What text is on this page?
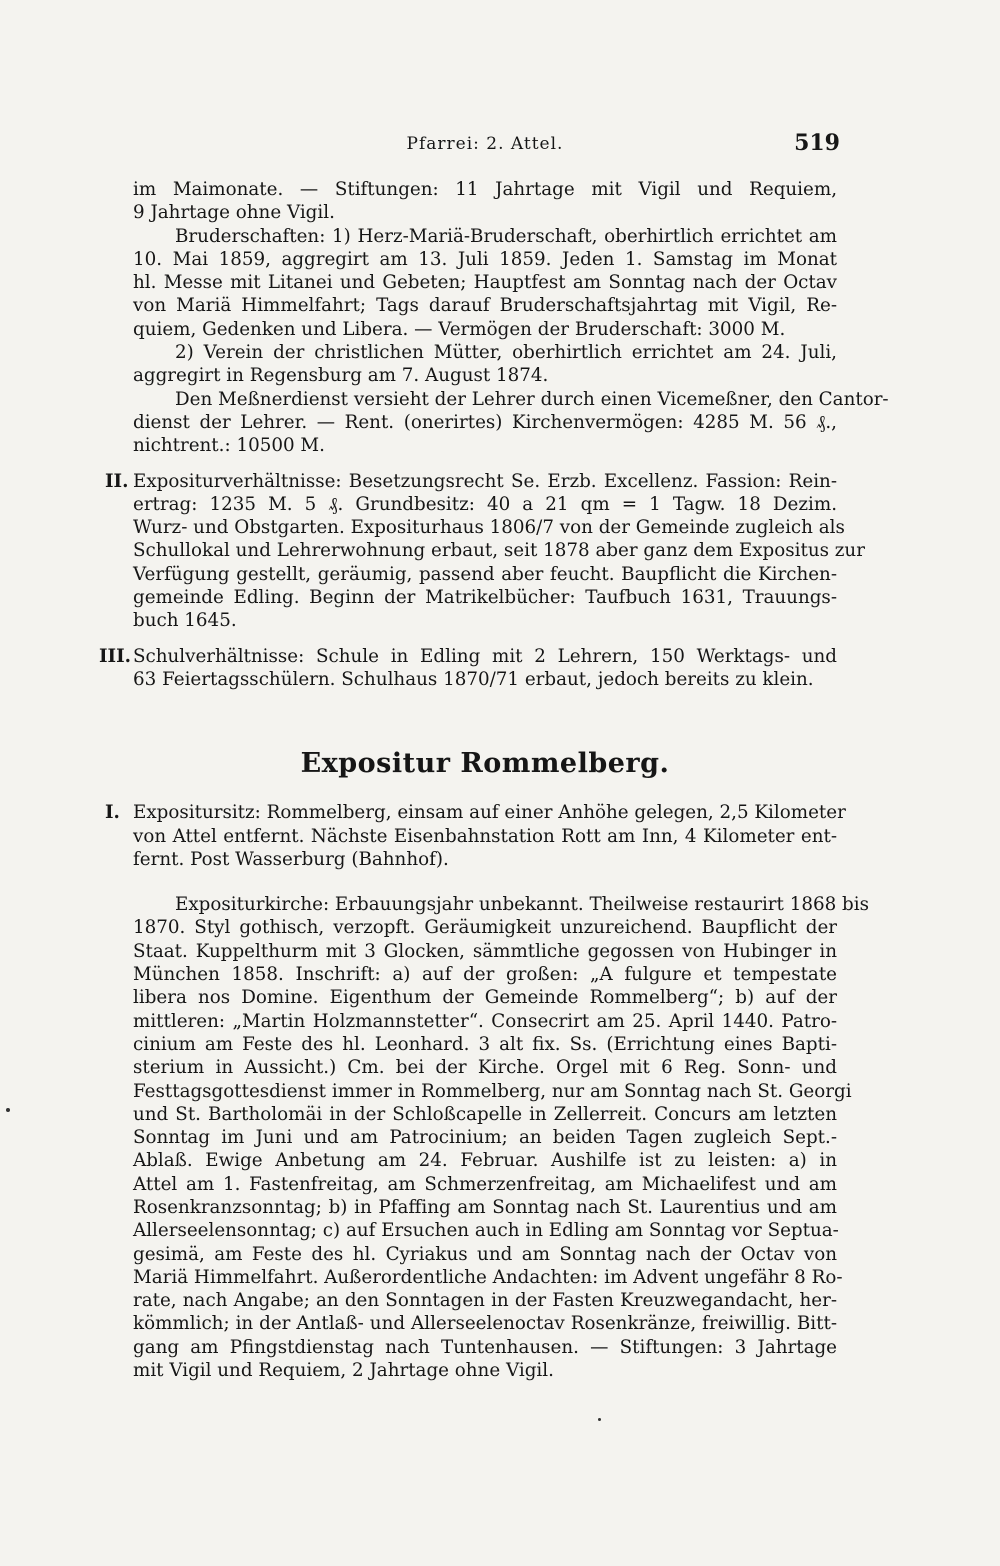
Pfarrei: 2. Attel.	519
im Maimonate. — Stiftungen: 11 Jahrtage mit Vigil und Requiem,
9 Jahrtage ohne Vigil.
Bruderschaften: 1) Herz-Mariä-Bruderschaft, oberhirtlich errichtet am
10. Mai 1859, aggregirt am 13. Juli 1859. Jeden 1. Samstag im Monat
hl. Messe mit Litanei und Gebeten; Hauptfest am Sonntag nach der Octav
von Mariä Himmelfahrt; Tags darauf Bruderschaftsjahrtag mit Vigil, Re-
quiem, Gedenken und Libera. — Vermögen der Bruderschaft: 3000 M.
2) Verein der christlichen Mütter, oberhirtlich errichtet am 24. Juli,
aggregirt in Regensburg am 7. August 1874.
Den Meßnerdienst versieht der Lehrer durch einen Vicemeßner, den Cantor-
dienst der Lehrer. — Rent. (onerirtes) Kirchenvermögen: 4285 M. 56 ₰.,
nichtrent.: 10500 M.
II. Expositurverhältnisse: Besetzungsrecht Se. Erzb. Excellenz. Fassion: Rein-
ertrag: 1235 M. 5 ₰. Grundbesitz: 40 a 21 qm = 1 Tagw. 18 Dezim.
Wurz- und Obstgarten. Expositurhaus 1806/7 von der Gemeinde zugleich als
Schullokal und Lehrerwohnung erbaut, seit 1878 aber ganz dem Expositus zur
Verfügung gestellt, geräumig, passend aber feucht. Baupflicht die Kirchen-
gemeinde Edling. Beginn der Matrikelbücher: Taufbuch 1631, Trauungs-
buch 1645.
III. Schulverhältnisse: Schule in Edling mit 2 Lehrern, 150 Werktags- und
63 Feiertagsschülern. Schulhaus 1870/71 erbaut, jedoch bereits zu klein.
Expositur Rommelberg.
I. Expositursitz: Rommelberg, einsam auf einer Anhöhe gelegen, 2,5 Kilometer
von Attel entfernt. Nächste Eisenbahnstation Rott am Inn, 4 Kilometer ent-
fernt. Post Wasserburg (Bahnhof).
Expositurkirche: Erbauungsjahr unbekannt. Theilweise restaurirt 1868 bis
1870. Styl gothisch, verzopft. Geräumigkeit unzureichend. Baupflicht der
Staat. Kuppelthurm mit 3 Glocken, sämmtliche gegossen von Hubinger in
München 1858. Inschrift: a) auf der großen: „A fulgure et tempestate
libera nos Domine. Eigenthum der Gemeinde Rommelberg“; b) auf der
mittleren: „Martin Holzmannstetter“. Consecrirt am 25. April 1440. Patro-
cinium am Feste des hl. Leonhard. 3 alt fix. Ss. (Errichtung eines Bapti-
sterium in Aussicht.) Cm. bei der Kirche. Orgel mit 6 Reg. Sonn- und
Festtagsgottesdienst immer in Rommelberg, nur am Sonntag nach St. Georgi
und St. Bartholomäi in der Schloßcapelle in Zellerreit. Concurs am letzten
Sonntag im Juni und am Patrocinium; an beiden Tagen zugleich Sept.-
Ablaß. Ewige Anbetung am 24. Februar. Aushilfe ist zu leisten: a) in
Attel am 1. Fastenfreitag, am Schmerzenfreitag, am Michaelifest und am
Rosenkranzsonntag; b) in Pfaffing am Sonntag nach St. Laurentius und am
Allerseelensonntag; c) auf Ersuchen auch in Edling am Sonntag vor Septua-
gesimä, am Feste des hl. Cyriakus und am Sonntag nach der Octav von
Mariä Himmelfahrt. Außerordentliche Andachten: im Advent ungefähr 8 Ro-
rate, nach Angabe; an den Sonntagen in der Fasten Kreuzwegandacht, her-
kömmlich; in der Antlaß- und Allerseelenoctav Rosenkränze, freiwillig. Bitt-
gang am Pfingstdienstag nach Tuntenhausen. — Stiftungen: 3 Jahrtage
mit Vigil und Requiem, 2 Jahrtage ohne Vigil.
